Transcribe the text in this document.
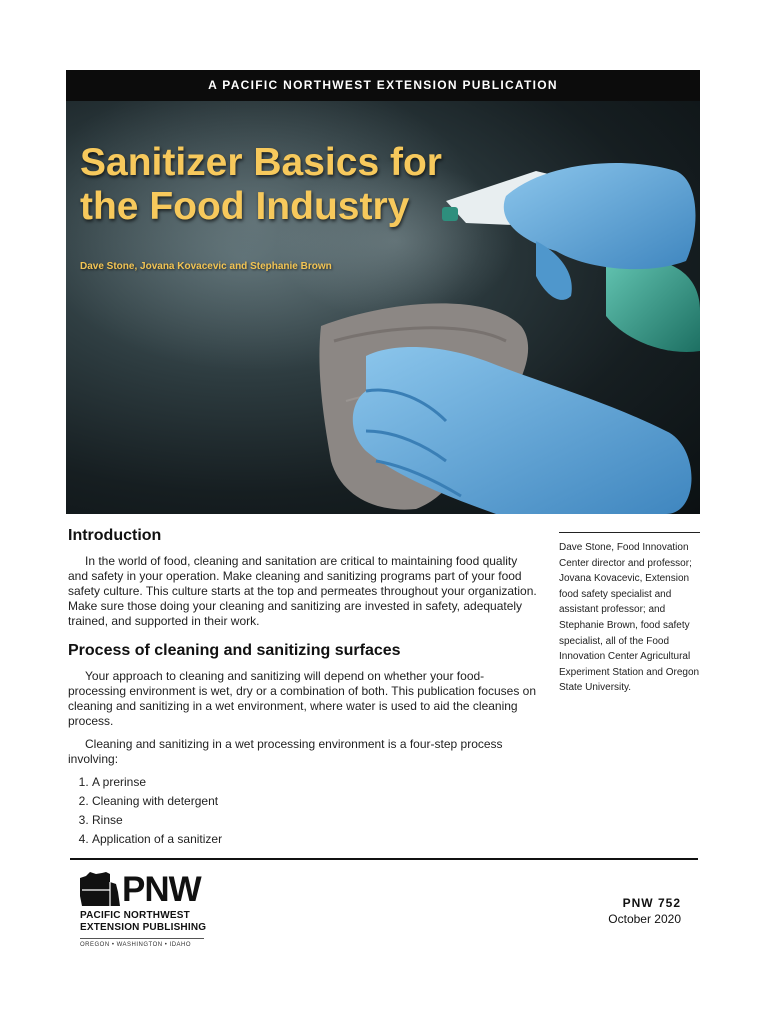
A PACIFIC NORTHWEST EXTENSION PUBLICATION
Sanitizer Basics for
the Food Industry
Dave Stone, Jovana Kovacevic and Stephanie Brown
Introduction

In the world of food, cleaning and sanitation are critical to maintaining food quality and safety in your operation. Make cleaning and sanitizing programs part of your food safety culture. This culture starts at the top and permeates throughout your organization. Make sure those doing your cleaning and sanitizing are invested in safety, adequately trained, and supported in their work.

Process of cleaning and sanitizing surfaces

Your approach to cleaning and sanitizing will depend on whether your food-processing environment is wet, dry or a combination of both. This publication focuses on cleaning and sanitizing in a wet environment, where water is used to aid the cleaning process.

Cleaning and sanitizing in a wet processing environment is a four-step process involving:

1. A prerinse
2. Cleaning with detergent
3. Rinse
4. Application of a sanitizer
Dave Stone, Food Innovation Center director and professor; Jovana Kovacevic, Extension food safety specialist and assistant professor; and Stephanie Brown, food safety specialist, all of the Food Innovation Center Agricultural Experiment Station and Oregon State University.
PNW
PACIFIC NORTHWEST
EXTENSION PUBLISHING
OREGON • WASHINGTON • IDAHO
PNW 752
October 2020
